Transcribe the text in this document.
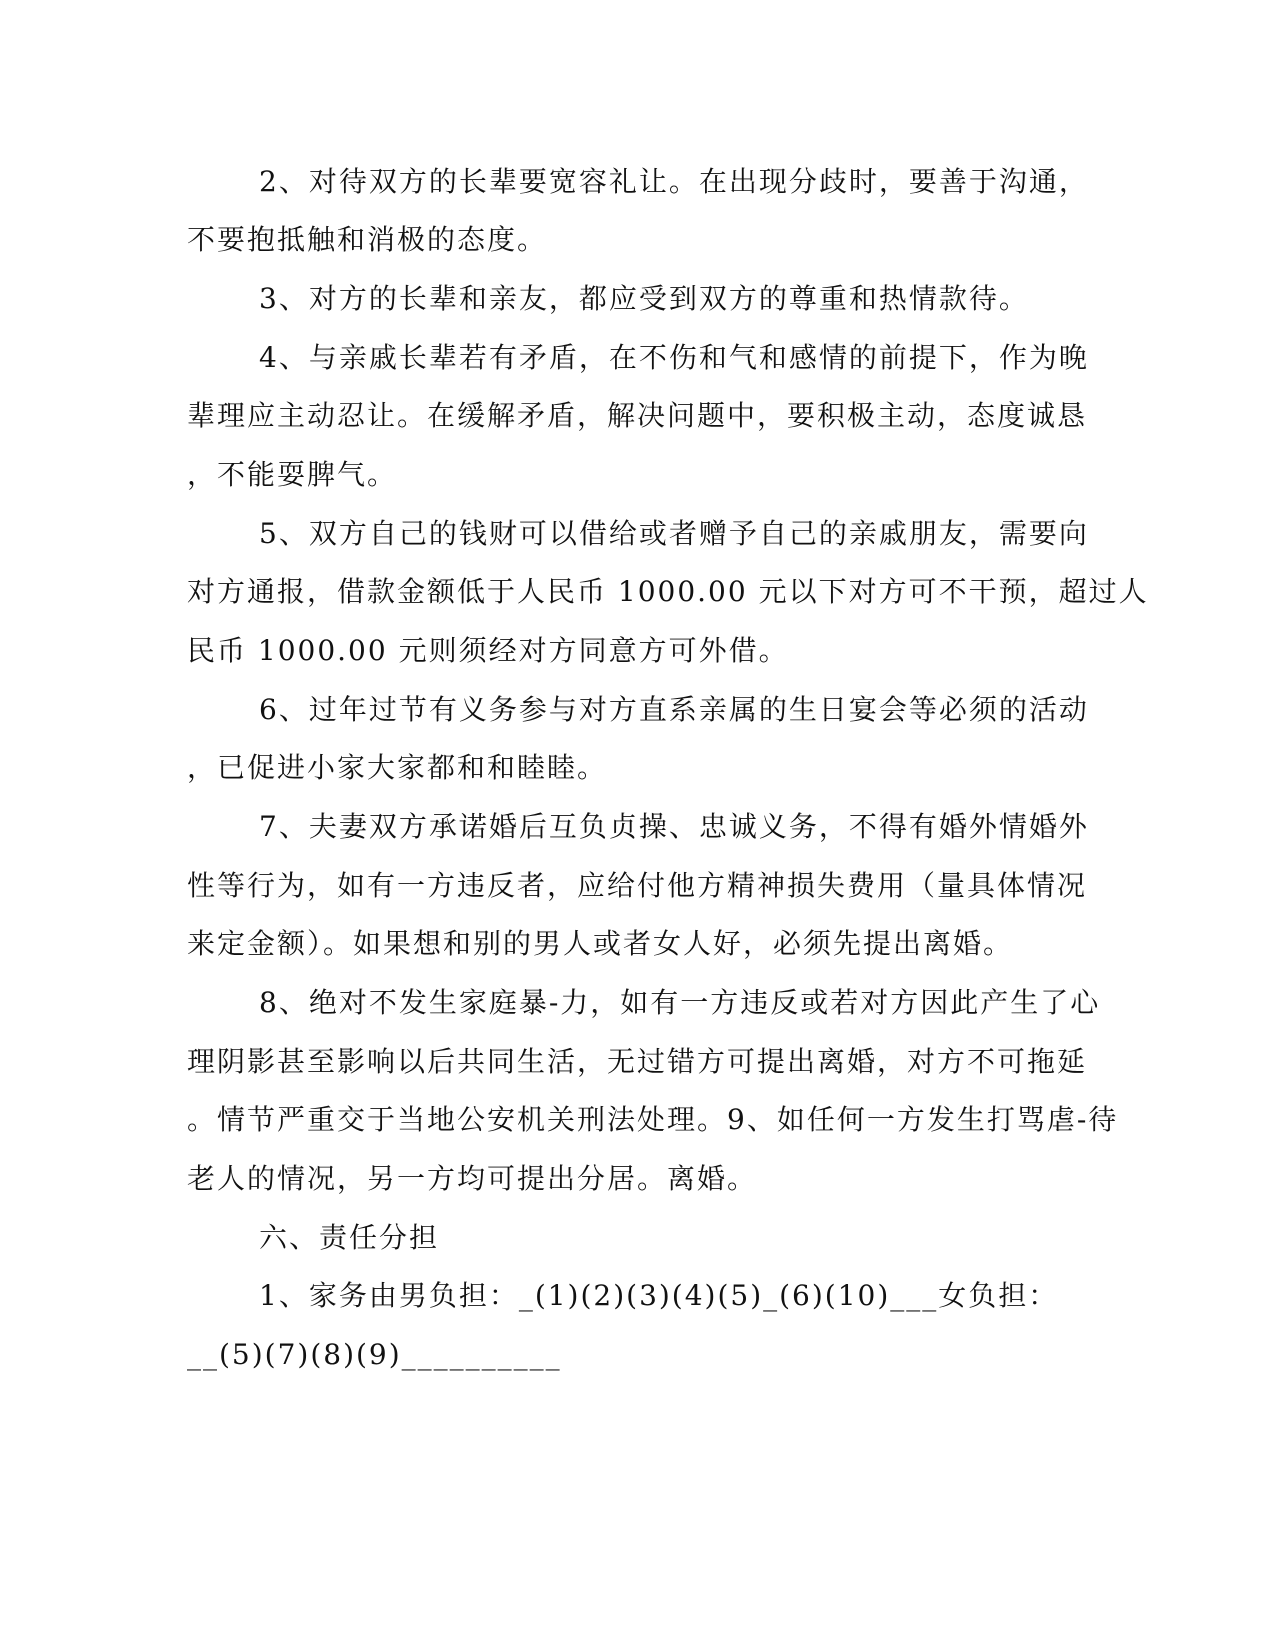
2、对待双方的长辈要宽容礼让。在出现分歧时，要善于沟通，
不要抱抵触和消极的态度。
3、对方的长辈和亲友，都应受到双方的尊重和热情款待。
4、与亲戚长辈若有矛盾，在不伤和气和感情的前提下，作为晚
辈理应主动忍让。在缓解矛盾，解决问题中，要积极主动，态度诚恳
，不能耍脾气。
5、双方自己的钱财可以借给或者赠予自己的亲戚朋友，需要向
对方通报，借款金额低于人民币 1000.00 元以下对方可不干预，超过人
民币 1000.00 元则须经对方同意方可外借。
6、过年过节有义务参与对方直系亲属的生日宴会等必须的活动
，已促进小家大家都和和睦睦。
7、夫妻双方承诺婚后互负贞操、忠诚义务，不得有婚外情婚外
性等行为，如有一方违反者，应给付他方精神损失费用（量具体情况
来定金额）。如果想和别的男人或者女人好，必须先提出离婚。
8、绝对不发生家庭暴-力，如有一方违反或若对方因此产生了心
理阴影甚至影响以后共同生活，无过错方可提出离婚，对方不可拖延
。情节严重交于当地公安机关刑法处理。9、如任何一方发生打骂虐-待
老人的情况，另一方均可提出分居。离婚。
六、责任分担
1、家务由男负担：_(1)(2)(3)(4)(5)_(6)(10)___女负担：
__(5)(7)(8)(9)__________
